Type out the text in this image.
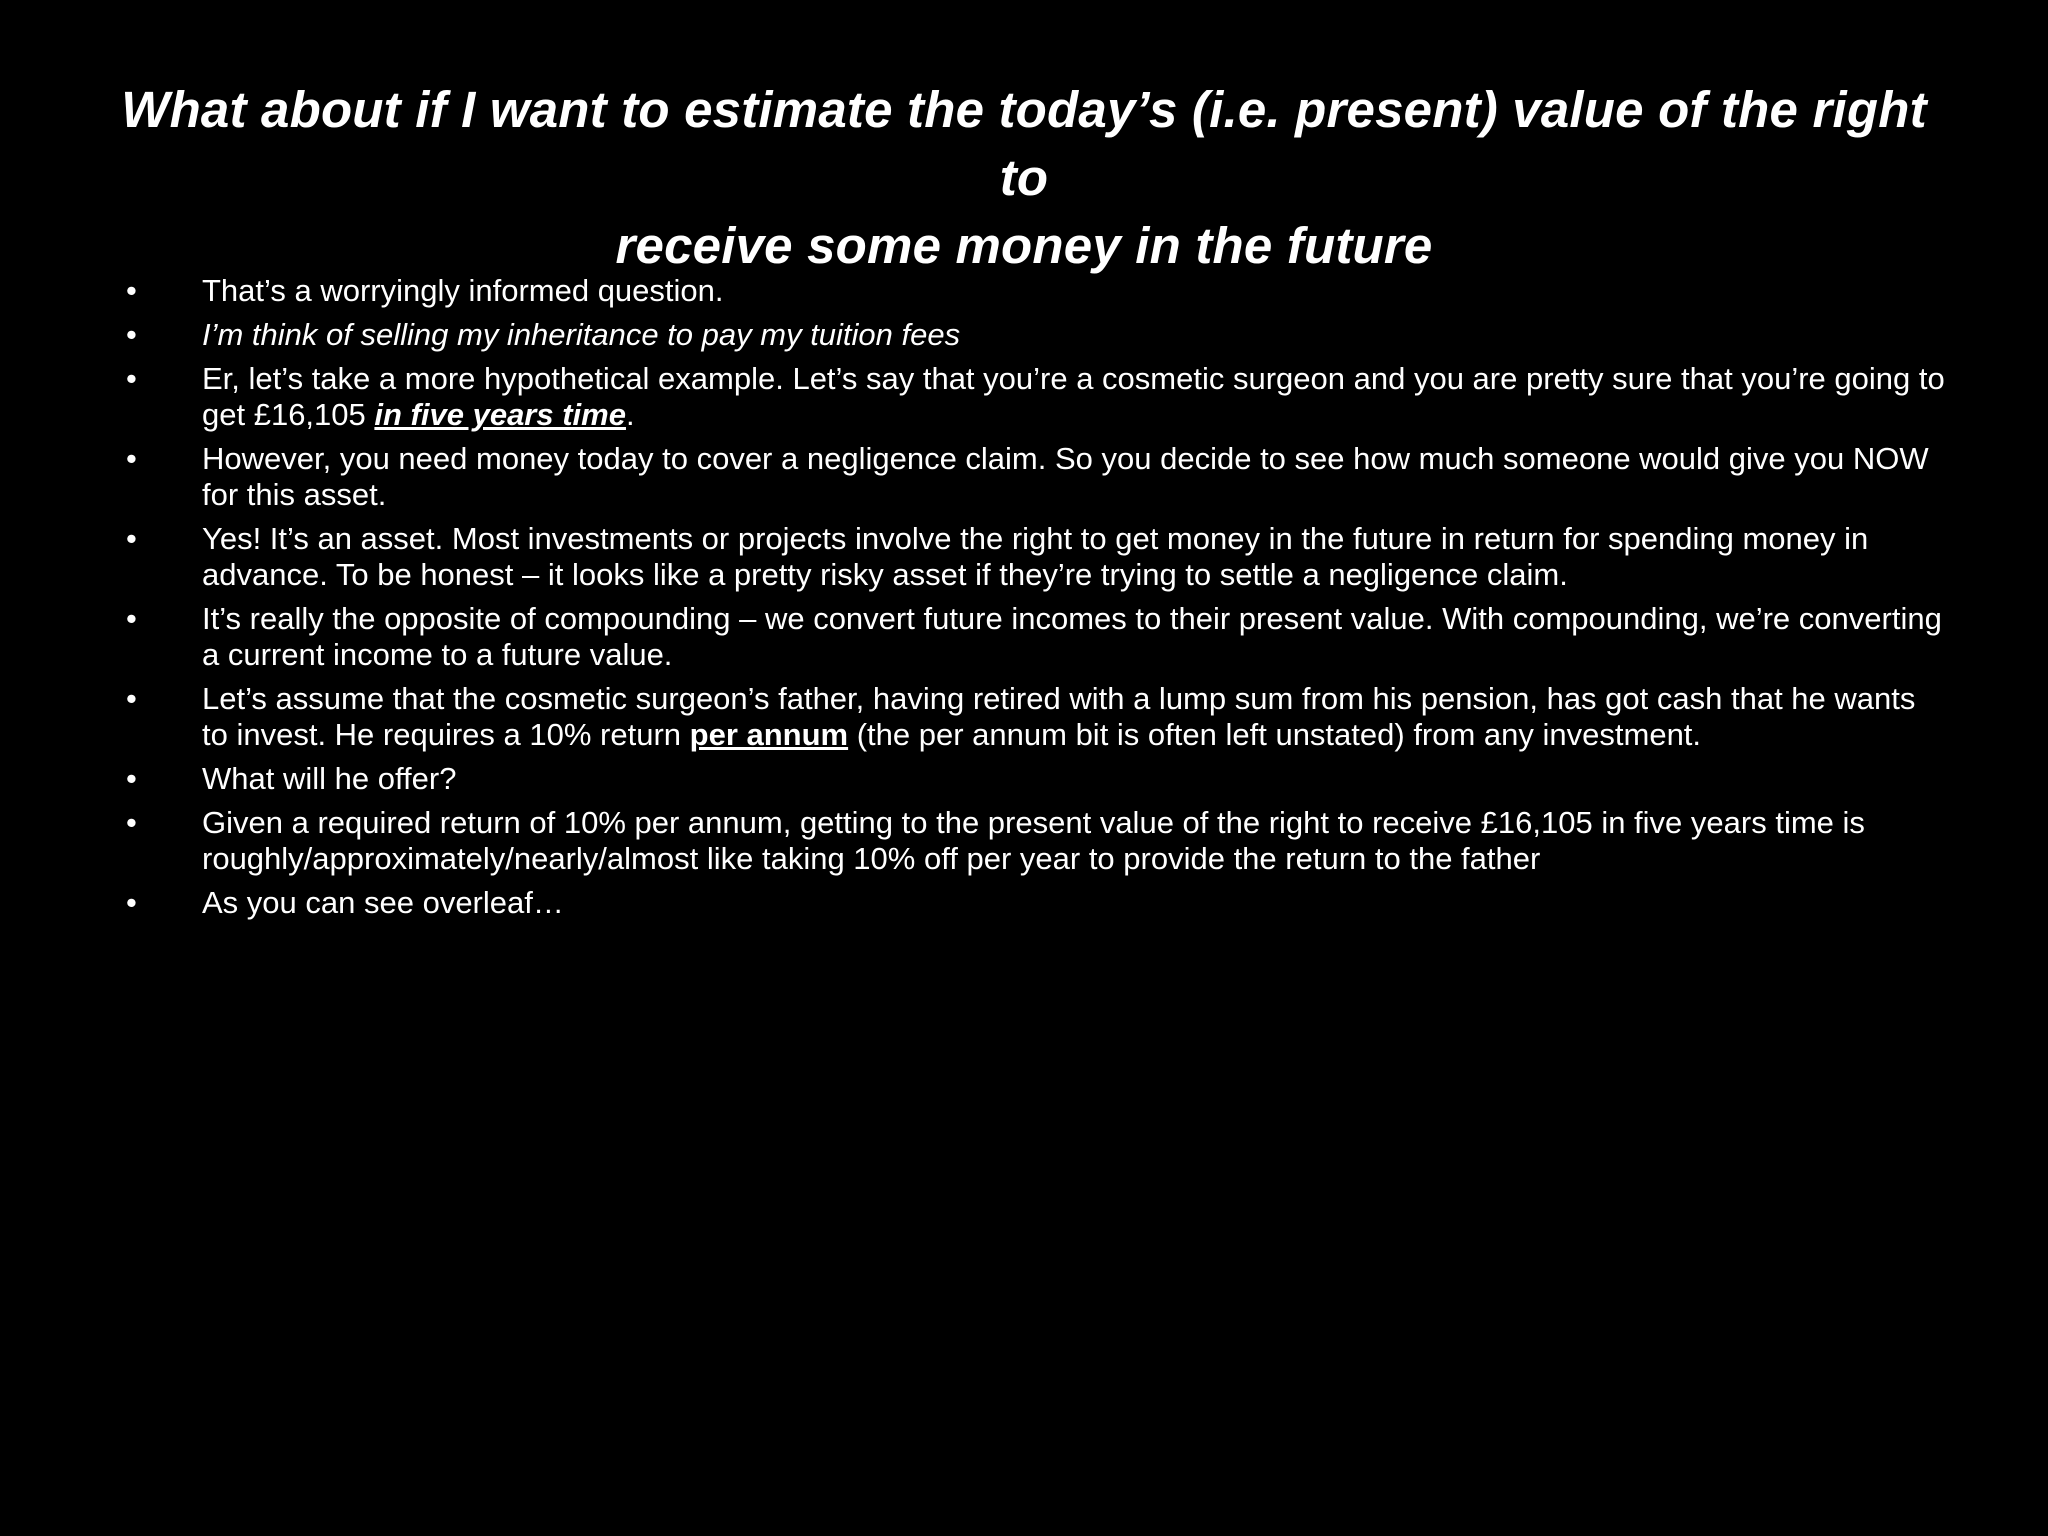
What about if I want to estimate the today’s (i.e. present) value of the right to
receive some money in the future
• That’s a worryingly informed question.
• I’m think of selling my inheritance to pay my tuition fees
• Er, let’s take a more hypothetical example. Let’s say that you’re a cosmetic surgeon and you are pretty sure that you’re going to get £16,105 in five years time.
• However, you need money today to cover a negligence claim. So you decide to see how much someone would give you NOW for this asset.
• Yes! It’s an asset. Most investments or projects involve the right to get money in the future in return for spending money in advance. To be honest – it looks like a pretty risky asset if they’re trying to settle a negligence claim.
• It’s really the opposite of compounding – we convert future incomes to their present value. With compounding, we’re converting a current income to a future value.
• Let’s assume that the cosmetic surgeon’s father, having retired with a lump sum from his pension, has got cash that he wants to invest. He requires a 10% return per annum (the per annum bit is often left unstated) from any investment.
• What will he offer?
• Given a required return of 10% per annum, getting to the present value of the right to receive £16,105 in five years time is roughly/approximately/nearly/almost like taking 10% off per year to provide the return to the father
• As you can see overleaf…
